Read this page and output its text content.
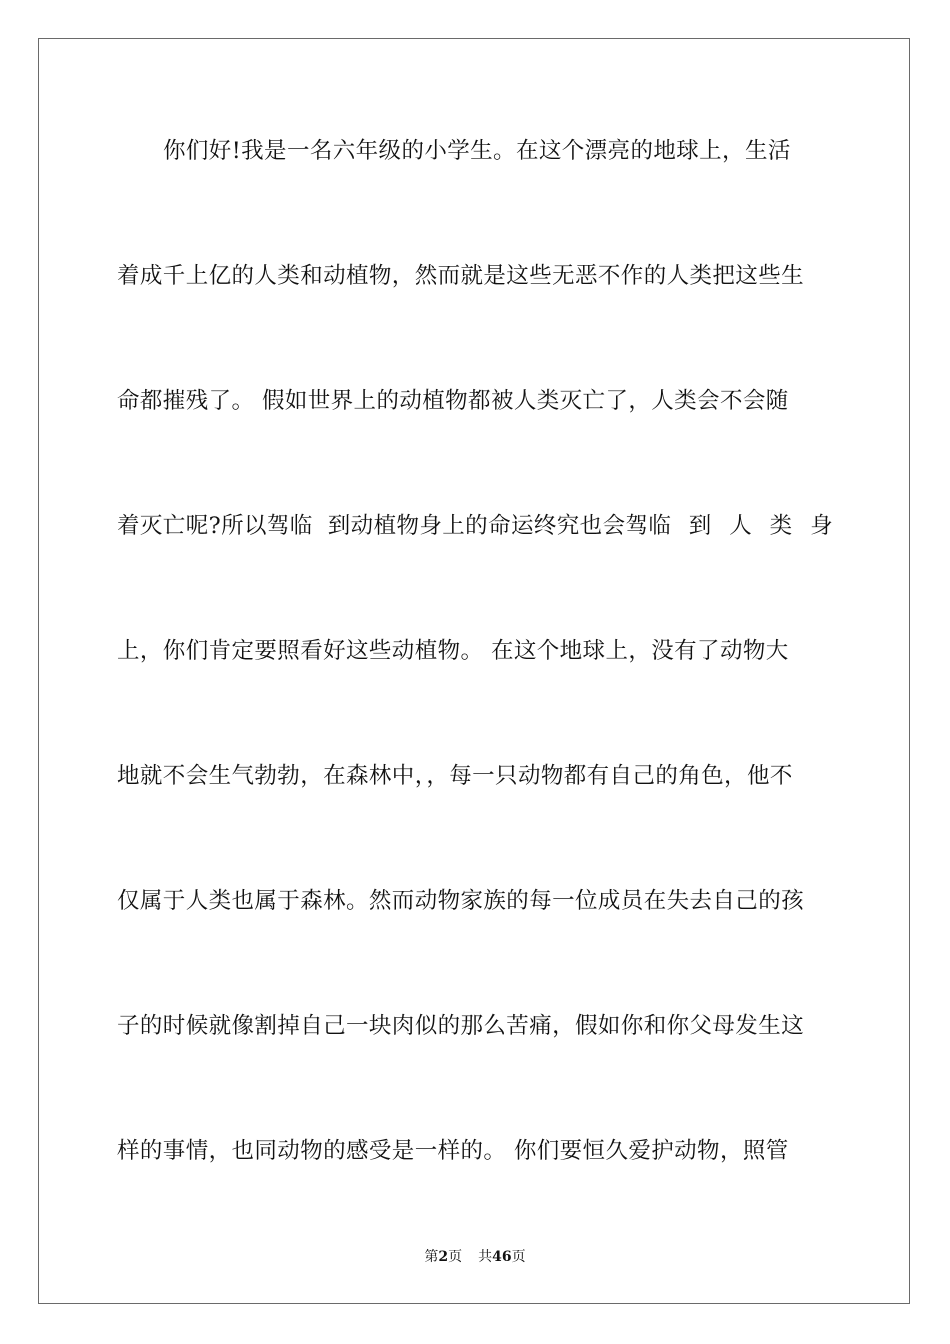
你们好!我是一名六年级的小学生。在这个漂亮的地球上，生活
着成千上亿的人类和动植物，然而就是这些无恶不作的人类把这些生
命都摧残了。 假如世界上的动植物都被人类灭亡了，人类会不会随
着灭亡呢?所以驾临  到动植物身上的命运终究也会驾临 到 人 类 身
上，你们肯定要照看好这些动植物。 在这个地球上，没有了动物大
地就不会生气勃勃，在森林中，，每一只动物都有自己的角色，他不
仅属于人类也属于森林。然而动物家族的每一位成员在失去自己的孩
子的时候就像割掉自己一块肉似的那么苦痛，假如你和你父母发生这
样的事情，也同动物的感受是一样的。 你们要恒久爱护动物，照管
第2页 共46页
